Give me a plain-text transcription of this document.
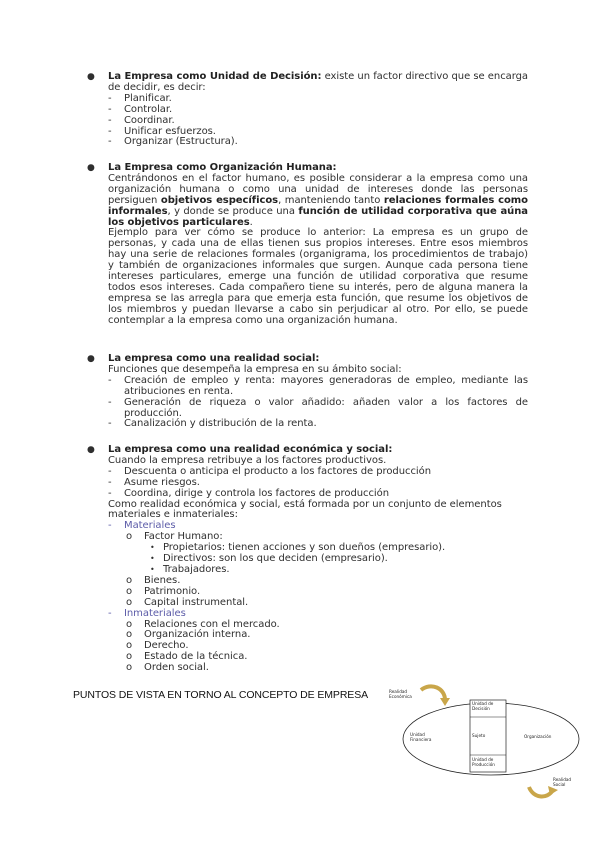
●	La Empresa como Unidad de Decisión: existe un factor directivo que se encarga de decidir, es decir:
- Planificar.
- Controlar.
- Coordinar.
- Unificar esfuerzos.
- Organizar (Estructura).
●	La Empresa como Organización Humana:
Centrándonos en el factor humano, es posible considerar a la empresa como una organización humana o como una unidad de intereses donde las personas persiguen objetivos específicos, manteniendo tanto relaciones formales como informales, y donde se produce una función de utilidad corporativa que aúna los objetivos particulares.
Ejemplo para ver cómo se produce lo anterior: La empresa es un grupo de personas, y cada una de ellas tienen sus propios intereses. Entre esos miembros hay una serie de relaciones formales (organigrama, los procedimientos de trabajo) y también de organizaciones informales que surgen. Aunque cada persona tiene intereses particulares, emerge una función de utilidad corporativa que resume todos esos intereses. Cada compañero tiene su interés, pero de alguna manera la empresa se las arregla para que emerja esta función, que resume los objetivos de los miembros y puedan llevarse a cabo sin perjudicar al otro. Por ello, se puede contemplar a la empresa como una organización humana.
●	La empresa como una realidad social:
Funciones que desempeña la empresa en su ámbito social:
- Creación de empleo y renta: mayores generadoras de empleo, mediante las atribuciones en renta.
- Generación de riqueza o valor añadido: añaden valor a los factores de producción.
- Canalización y distribución de la renta.
●	La empresa como una realidad económica y social:
Cuando la empresa retribuye a los factores productivos.
- Descuenta o anticipa el producto a los factores de producción
- Asume riesgos.
- Coordina, dirige y controla los factores de producción
Como realidad económica y social, está formada por un conjunto de elementos materiales e inmateriales:
- Materiales
o Factor Humano:
• Propietarios: tienen acciones y son dueños (empresario).
• Directivos: son los que deciden (empresario).
• Trabajadores.
o Bienes.
o Patrimonio.
o Capital instrumental.
- Inmateriales
o Relaciones con el mercado.
o Organización interna.
o Derecho.
o Estado de la técnica.
o Orden social.
PUNTOS DE VISTA EN TORNO AL CONCEPTO DE EMPRESA	Realidad Económica
Unidad de Decisión
Unidad Financiera
Sujeto	Organización
Unidad de Producción
Realidad Social
